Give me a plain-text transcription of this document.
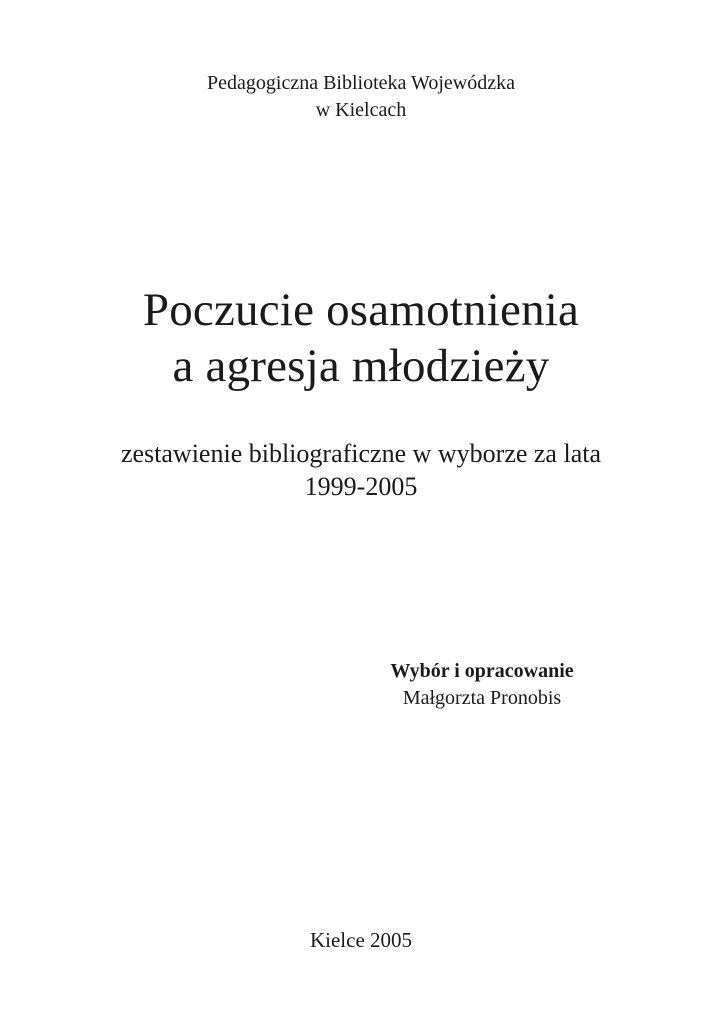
Pedagogiczna Biblioteka Wojewódzka
w Kielcach
Poczucie osamotnienia
a agresja młodzieży
zestawienie bibliograficzne w wyborze za lata
1999-2005
Wybór i opracowanie
Małgorzta Pronobis
Kielce 2005
